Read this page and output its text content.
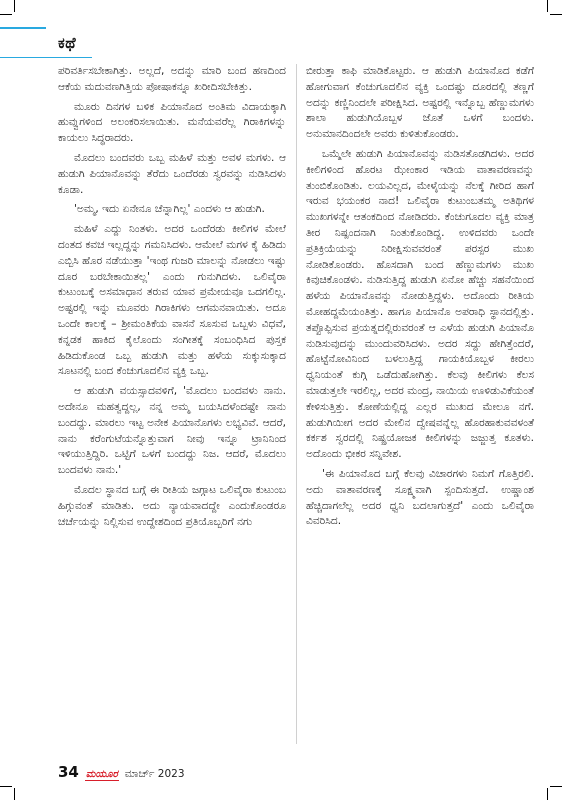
ಕಥೆ

ಪರಿವರ್ತಿಸಬೇಕಾಗಿತ್ತು. ಅಲ್ಲದೆ, ಅದನ್ನು ಮಾರಿ ಬಂದ ಹಣದಿಂದ ಆಕೆಯ ಮದುವಣಗಿತ್ತಿಯ ಪೋಷಾಕನ್ನೂ ಖರೀದಿಸಬೇಕಿತ್ತು.

ಮೂರು ದಿನಗಳ ಬಳಿಕ ಪಿಯಾನೊದ ಅಂತಿಮ ವಿದಾಯಕ್ಕಾಗಿ ಹುವ್ವುಗಳಿಂದ ಅಲಂಕರಿಸಲಾಯಿತು. ಮನೆಯವರೆಲ್ಲ ಗಿರಾಕಿಗಳನ್ನು ಕಾಯಲು ಸಿದ್ಧರಾದರು.

ಮೊದಲು ಬಂದವರು ಒಬ್ಬ ಮಹಿಳೆ ಮತ್ತು ಅವಳ ಮಗಳು. ಆ ಹುಡುಗಿ ಪಿಯಾನೊವನ್ನು ತೆರೆದು ಒಂದೆರಡು ಸ್ವರವನ್ನು ನುಡಿಸಿದಳು ಕೂಡಾ.

'ಅಮ್ಮ, ಇದು ಏನೇನೂ ಚೆನ್ನಾಗಿಲ್ಲ' ಎಂದಳು ಆ ಹುಡುಗಿ.

ಮಹಿಳೆ ಎದ್ದು ನಿಂತಳು. ಅದರ ಒಂದೆರಡು ಕೀಲಿಗಳ ಮೇಲೆ ದಂತದ ಕವಚ ಇಲ್ಲದ್ದನ್ನು ಗಮನಿಸಿದಳು. ಆಮೇಲೆ ಮಗಳ ಕೈ ಹಿಡಿದು ಎಬ್ಬಿಸಿ ಹೊರ ನಡೆಯುತ್ತಾ 'ಇಂಥ ಗುಜರಿ ಮಾಲನ್ನು ನೋಡಲು ಇಷ್ಟು ದೂರ ಬರಬೇಕಾಯಿತಲ್ಲ' ಎಂದು ಗುನುಗಿದಳು. ಒಲಿವೈರಾ ಕುಟುಂಬಕ್ಕೆ ಅಸಮಾಧಾನ ತರುವ ಯಾವ ಪ್ರಮೇಯವೂ ಒದಗಲಿಲ್ಲ. ಅಷ್ಟರಲ್ಲಿ ಇನ್ನು ಮೂವರು ಗಿರಾಕಿಗಳು ಆಗಮನವಾಯಿತು. ಅದೂ ಒಂದೇ ಕಾಲಕ್ಕೆ – ಶ್ರೀಮಂತಿಕೆಯ ವಾಸನೆ ಸೂಸುವ ಒಬ್ಬಳು ವಿಧವೆ, ಕನ್ನಡಕ ಹಾಕಿದ ಕೈಲೊಂದು ಸಂಗೀತಕ್ಕೆ ಸಂಬಂಧಿಸಿದ ಪುಸ್ತಕ ಹಿಡಿದುಕೊಂಡ ಒಬ್ಬ ಹುಡುಗಿ ಮತ್ತು ಹಳೆಯ ಸುಕ್ಕುಸುಕ್ಕಾದ ಸೂಟನಲ್ಲಿ ಬಂದ ಕೆಂಚುಗೂದಲಿನ ವ್ಯಕ್ತಿ ಒಬ್ಬ.

ಆ ಹುಡುಗಿ ವಯಸ್ಸಾದವಳಿಗೆ, 'ಮೊದಲು ಬಂದವಳು ನಾನು. ಅದೇನೂ ಮಹತ್ವದ್ದಲ್ಲ, ನನ್ನ ಅಮ್ಮ ಬಯಸಿದಳೆಂದಷ್ಟೇ ನಾನು ಬಂದದ್ದು. ಮಾರಲು ಇಟ್ಟ ಅನೇಕ ಪಿಯಾನೊಗಳು ಲಭ್ಯವಿವೆ. ಆದರೆ, ನಾನು ಕರೆಂಗುಟೆಯನ್ನೊತ್ತುವಾಗ ನೀವು ಇನ್ನೂ ಟ್ರಾನಿನಿಂದ ಇಳಿಯುತ್ತಿದ್ದಿರಿ. ಒಟ್ಟಿಗೆ ಒಳಗೆ ಬಂದದ್ದು ನಿಜ. ಆದರೆ, ಮೊದಲು ಬಂದವಳು ನಾನು.'

ಮೊದಲ ಸ್ಥಾನದ ಬಗ್ಗೆ ಈ ರೀತಿಯ ಜಗ್ಗಾಟ ಒಲಿವೈರಾ ಕುಟುಂಬ ಹಿಗ್ಗುವಂತೆ ಮಾಡಿತು. ಅದು ನ್ಯಾಯವಾದದ್ದೇ ಎಂದುಕೊಂಡರೂ ಚರ್ಚೆಯನ್ನು ನಿಲ್ಲಿಸುವ ಉದ್ದೇಶದಿಂದ ಪ್ರತಿಯೊಬ್ಬರಿಗೆ ನಗು

ಬೀರುತ್ತಾ ಕಾಫಿ ಮಾಡಿಕೊಟ್ಟರು. ಆ ಹುಡುಗಿ ಪಿಯಾನೊದ ಕಡೆಗೆ ಹೋಗುವಾಗ ಕೆಂಚುಗೂದಲಿನ ವ್ಯಕ್ತಿ ಒಂದಷ್ಟು ದೂರದಲ್ಲಿ ತಣ್ಣಗೆ ಅದನ್ನು ಕಣ್ಣಿನಿಂದಲೇ ಪರೀಕ್ಷಿಸಿದ. ಅಷ್ಟರಲ್ಲಿ ಇನ್ನೊಬ್ಬ ಹೆಣ್ಣುಮಗಳು ಶಾಲಾ ಹುಡುಗಿಯೊಬ್ಬಳ ಜೊತೆ ಒಳಗೆ ಬಂದಳು. ಅನುಮಾನದಿಂದಲೇ ಅವರು ಕುಳಿತುಕೊಂಡರು.

ಒಮ್ಮೆಲೇ ಹುಡುಗಿ ಪಿಯಾನೊವನ್ನು ನುಡಿಸತೊಡಗಿದಳು. ಅದರ ಕೀಲಿಗಳಿಂದ ಹೊರಟ ಝೇಂಕಾರ ಇಡಿಯ ವಾತಾವರಣವನ್ನು ತುಂಬಿಕೊಂಡಿತು. ಲಯವಿಲ್ಲದ, ಮೇಳೈಯನ್ನು ನೆಲಕ್ಕೆ ಗೀರಿದ ಹಾಗೆ ಇರುವ ಭಯಂಕರ ನಾದ! ಒಲಿವೈರಾ ಕುಟುಂಬತಮ್ಮ ಅತಿಥಿಗಳ ಮುಖಗಳನ್ನೇ ಆತಂಕದಿಂದ ನೋಡಿದರು. ಕೆಂಚುಗೂದಲ ವ್ಯಕ್ತಿ ಮಾತ್ರ ತೀರ ನಿಷ್ಪಂದನಾಗಿ ನಿಂತುಕೊಂಡಿದ್ದ. ಉಳಿದವರು ಒಂದೇ ಪ್ರತಿಕ್ರಿಯೆಯನ್ನು ನಿರೀಕ್ಷಿಸುವವರಂತೆ ಪರಸ್ಪರ ಮುಖ ನೋಡಿಕೊಂಡರು. ಹೊಸದಾಗಿ ಬಂದ ಹೆಣ್ಣುಮಗಳು ಮುಖ ಕಿವುಚಿಕೊಂಡಳು. ನುಡಿಸುತ್ತಿದ್ದ ಹುಡುಗಿ ಏನೋ ಹೆಚ್ಚು ಸಹನೆಯಿಂದ ಹಳೆಯ ಪಿಯಾನೊವನ್ನು ನೋಡುತ್ತಿದ್ದಳು. ಅದೊಂದು ರೀತಿಯ ಮೋಹದ್ದಮೆಯಂತಿತ್ತು. ಹಾಗೂ ಪಿಯಾನೊ ಅಪರಾಧಿ ಸ್ಥಾನದಲ್ಲಿತ್ತು. ತಪ್ಪೊಪ್ಪಿಸುವ ಪ್ರಯತ್ನದಲ್ಲಿರುವರಂತೆ ಆ ಎಳೆಯ ಹುಡುಗಿ ಪಿಯಾನೊ ನುಡಿಸುವುದನ್ನು ಮುಂದುವರಿಸಿದಳು. ಅದರ ಸದ್ದು ಹೇಗಿತ್ತೆಂದರೆ, ಹೊಟ್ಟೆನೋವಿನಿಂದ ಬಳಲುತ್ತಿದ್ದ ಗಾಯಕಿಯೊಬ್ಬಳ ಕೀರಲು ಧ್ವನಿಯಂತೆ ಕುಗ್ಗಿ ಒಡೆದುಹೋಗಿತ್ತು. ಕೆಲವು ಕೀಲಿಗಳು ಕೆಲಸ ಮಾಡುತ್ತಲೇ ಇರಲಿಲ್ಲ, ಅದರ ಮಂದ್ರ, ನಾಯಿಯ ಊಳಿಡುವಿಕೆಯಂತೆ ಕೇಳಿಸುತ್ತಿತ್ತು. ಕೋಣೆಯಲ್ಲಿದ್ದ ಎಲ್ಲರ ಮುಖದ ಮೇಲೂ ನಗೆ. ಹುಡುಗಿಯೀಗ ಅದರ ಮೇಲಿನ ದ್ವೇಷವನ್ನೆಲ್ಲ ಹೊರಹಾಕುವವಳಂತೆ ಕರ್ಕಶ ಸ್ವರದಲ್ಲಿ ನಿಷ್ಪ್ರಯೋಜಕ ಕೀಲಿಗಳನ್ನು ಜಜ್ಜುತ್ತ ಕೂತಳು. ಅದೊಂದು ಭೀಕರ ಸನ್ನಿವೇಶ.

'ಈ ಪಿಯಾನೊದ ಬಗ್ಗೆ ಕೆಲವು ವಿಚಾರಗಳು ನಿಮಗೆ ಗೊತ್ತಿರಲಿ. ಅದು ವಾತಾವರಣಕ್ಕೆ ಸೂಕ್ಷ್ಮವಾಗಿ ಸ್ಪಂದಿಸುತ್ತದೆ. ಉಷ್ಣಾಂಶ ಹೆಚ್ಚಿದಾಗಲೆಲ್ಲ ಅದರ ಧ್ವನಿ ಬದಲಾಗುತ್ತದೆ' ಎಂದು ಒಲಿವೈರಾ ವಿವರಿಸಿದ.

34 ಮಯೂರ ಮಾರ್ಚ್ 2023
